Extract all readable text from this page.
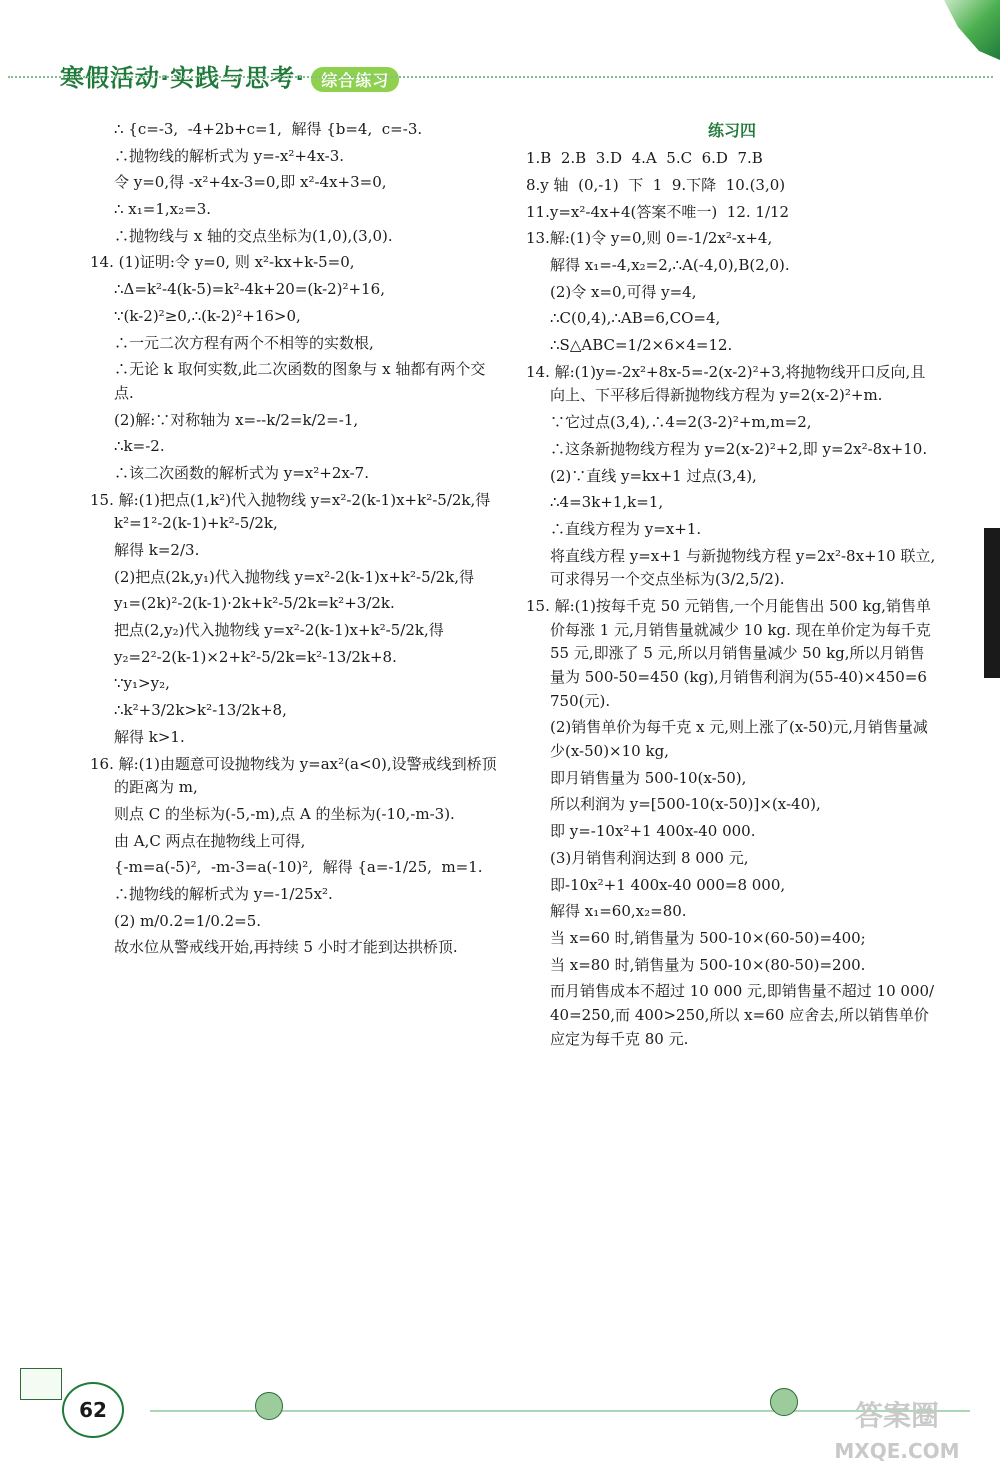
寒假活动·实践与思考· 综合练习
∴ {c=-3,  -4+2b+c=1,  解得 {b=4,  c=-3.
∴抛物线的解析式为 y=-x²+4x-3.
令 y=0,得 -x²+4x-3=0,即 x²-4x+3=0,
∴ x₁=1,x₂=3.
∴抛物线与 x 轴的交点坐标为(1,0),(3,0).
14. (1)证明:令 y=0, 则 x²-kx+k-5=0,
∴Δ=k²-4(k-5)=k²-4k+20=(k-2)²+16,
∵(k-2)²≥0,∴(k-2)²+16>0,
∴一元二次方程有两个不相等的实数根,
∴无论 k 取何实数,此二次函数的图象与 x 轴都有两个交点.
(2)解:∵对称轴为 x=--k/2=k/2=-1,
∴k=-2.
∴该二次函数的解析式为 y=x²+2x-7.
15. 解:(1)把点(1,k²)代入抛物线 y=x²-2(k-1)x+k²-5/2k,得 k²=1²-2(k-1)+k²-5/2k,
解得 k=2/3.
(2)把点(2k,y₁)代入抛物线 y=x²-2(k-1)x+k²-5/2k,得
y₁=(2k)²-2(k-1)·2k+k²-5/2k=k²+3/2k.
把点(2,y₂)代入抛物线 y=x²-2(k-1)x+k²-5/2k,得
y₂=2²-2(k-1)×2+k²-5/2k=k²-13/2k+8.
∵y₁>y₂,
∴k²+3/2k>k²-13/2k+8,
解得 k>1.
16. 解:(1)由题意可设抛物线为 y=ax²(a<0),设警戒线到桥顶的距离为 m,
则点 C 的坐标为(-5,-m),点 A 的坐标为(-10,-m-3).
由 A,C 两点在抛物线上可得,
{-m=a(-5)²,  -m-3=a(-10)²,  解得 {a=-1/25,  m=1.
∴抛物线的解析式为 y=-1/25x².
(2) m/0.2=1/0.2=5.
故水位从警戒线开始,再持续 5 小时才能到达拱桥顶.
练习四
1.B  2.B  3.D  4.A  5.C  6.D  7.B
8.y 轴  (0,-1)  下  1  9.下降  10.(3,0)
11.y=x²-4x+4(答案不唯一)  12. 1/12
13.解:(1)令 y=0,则 0=-1/2x²-x+4,
解得 x₁=-4,x₂=2,∴A(-4,0),B(2,0).
(2)令 x=0,可得 y=4,
∴C(0,4),∴AB=6,CO=4,
∴S△ABC=1/2×6×4=12.
14. 解:(1)y=-2x²+8x-5=-2(x-2)²+3,将抛物线开口反向,且向上、下平移后得新抛物线方程为 y=2(x-2)²+m.
∵它过点(3,4),∴4=2(3-2)²+m,m=2,
∴这条新抛物线方程为 y=2(x-2)²+2,即 y=2x²-8x+10.
(2)∵直线 y=kx+1 过点(3,4),
∴4=3k+1,k=1,
∴直线方程为 y=x+1.
将直线方程 y=x+1 与新抛物线方程 y=2x²-8x+10 联立,可求得另一个交点坐标为(3/2,5/2).
15. 解:(1)按每千克 50 元销售,一个月能售出 500 kg,销售单价每涨 1 元,月销售量就减少 10 kg. 现在单价定为每千克 55 元,即涨了 5 元,所以月销售量减少 50 kg,所以月销售量为 500-50=450 (kg),月销售利润为(55-40)×450=6 750(元).
(2)销售单价为每千克 x 元,则上涨了(x-50)元,月销售量减少(x-50)×10 kg,
即月销售量为 500-10(x-50),
所以利润为 y=[500-10(x-50)]×(x-40),
即 y=-10x²+1 400x-40 000.
(3)月销售利润达到 8 000 元,
即-10x²+1 400x-40 000=8 000,
解得 x₁=60,x₂=80.
当 x=60 时,销售量为 500-10×(60-50)=400;
当 x=80 时,销售量为 500-10×(80-50)=200.
而月销售成本不超过 10 000 元,即销售量不超过 10 000/40=250,而 400>250,所以 x=60 应舍去,所以销售单价应定为每千克 80 元.
62	答案圈
MXQE.COM
